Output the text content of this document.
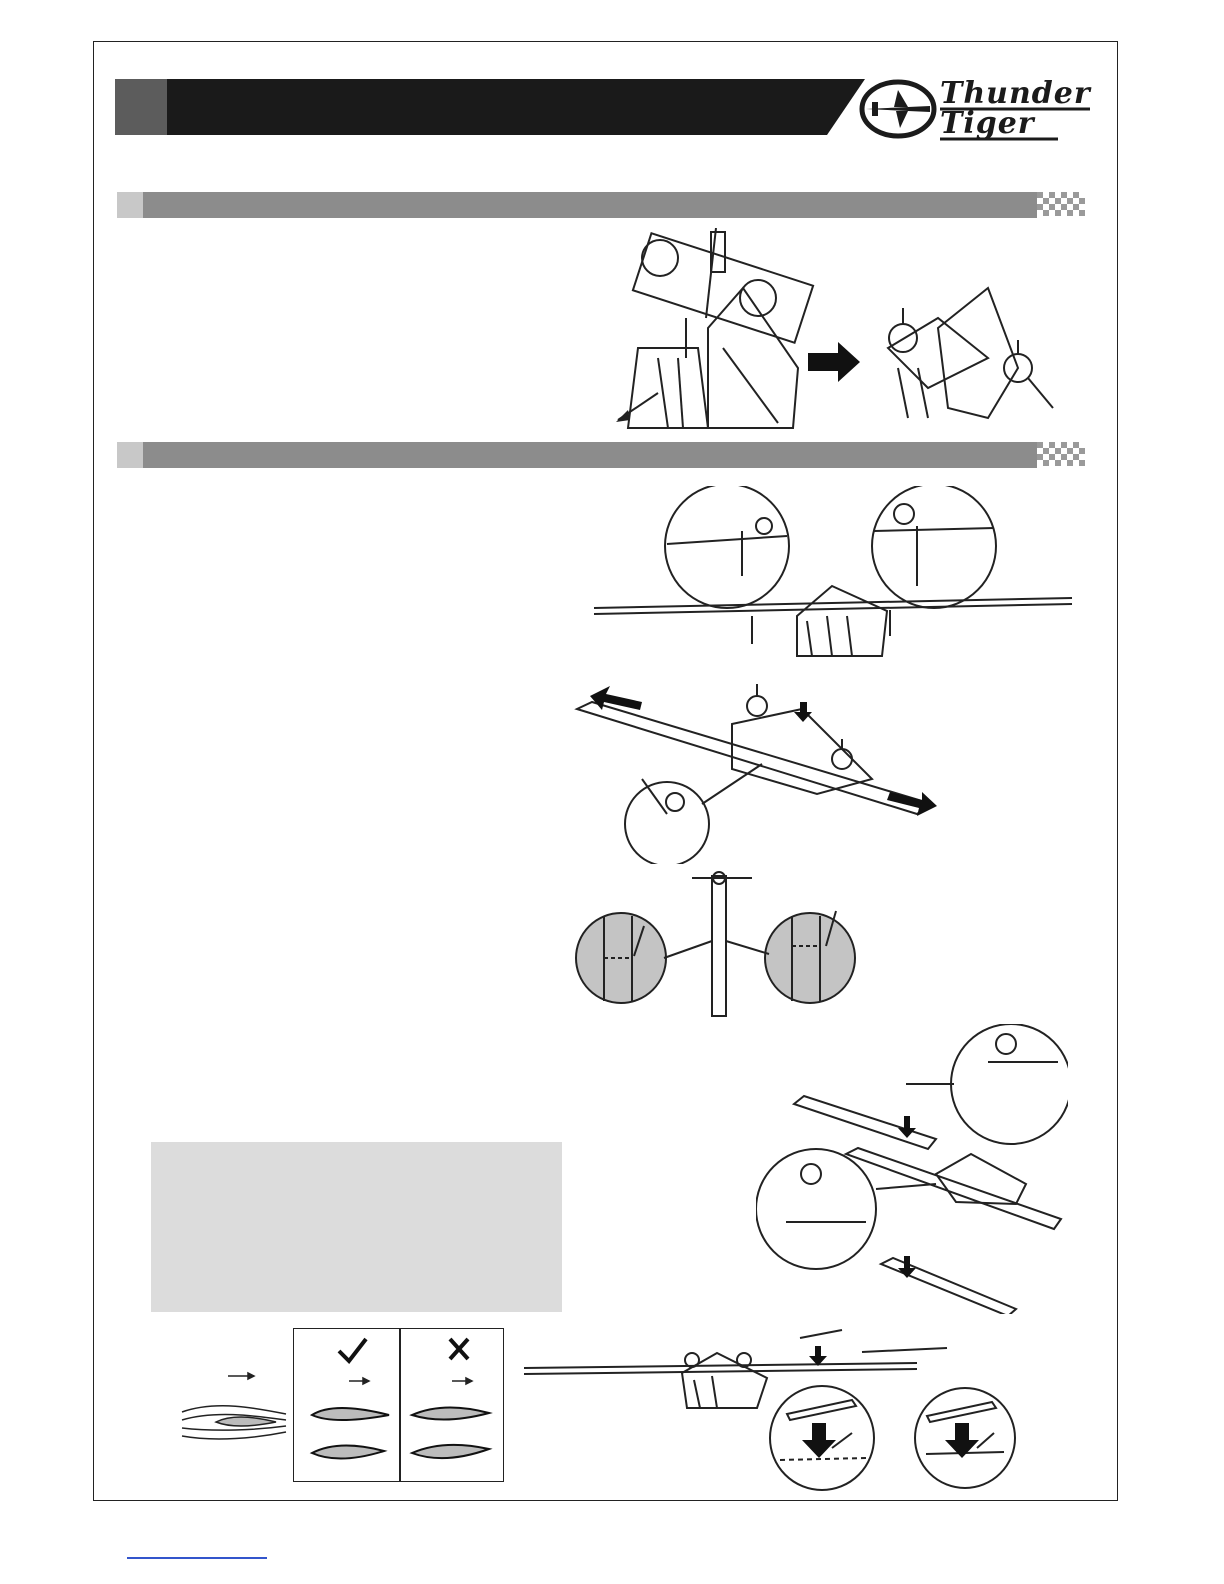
Thunder
Tiger
